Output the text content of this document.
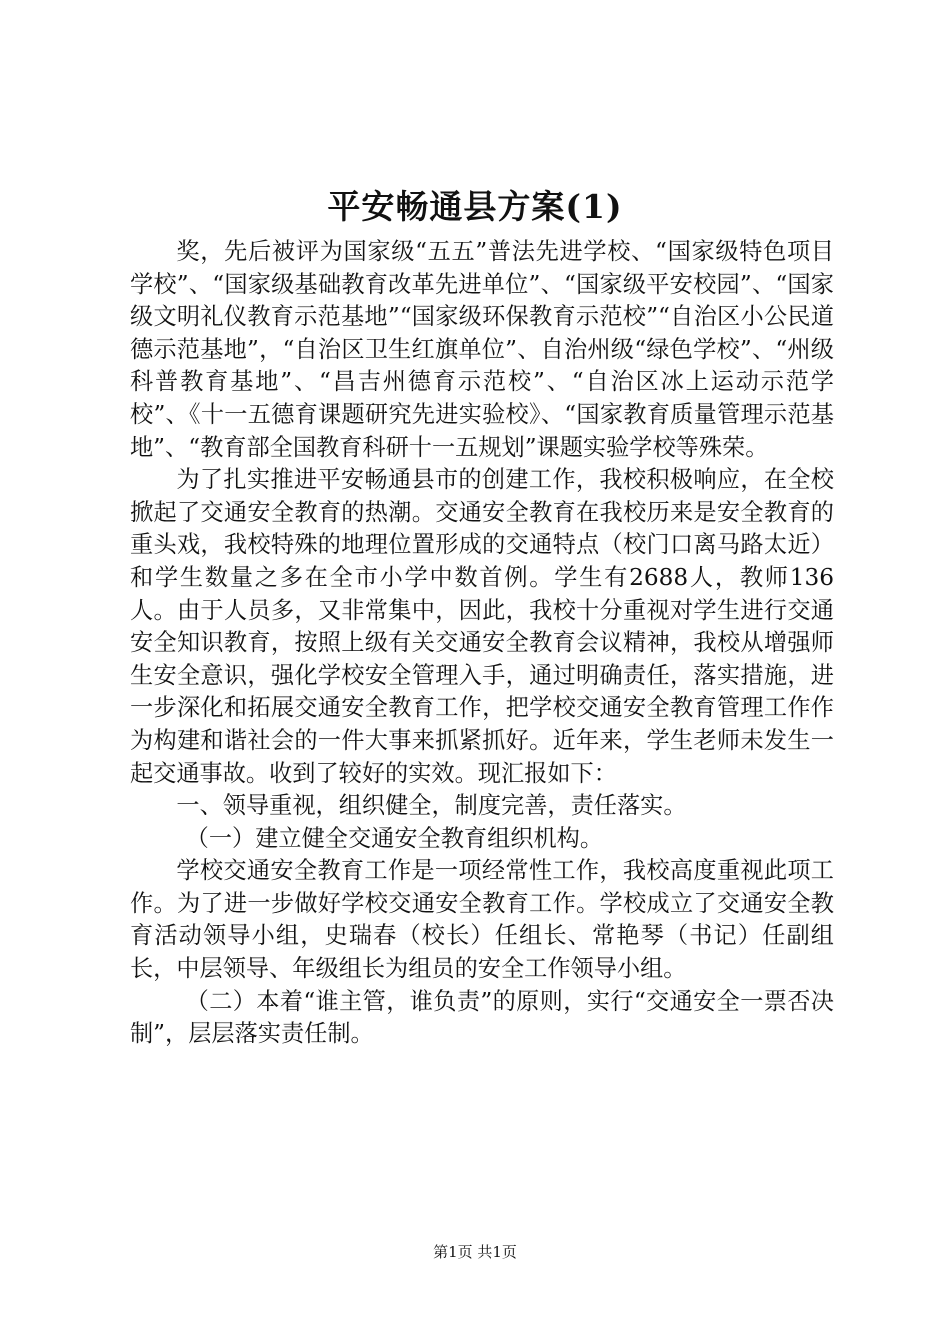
平安畅通县方案(1)

奖，先后被评为国家级“五五”普法先进学校、“国家级特色项目学校”、“国家级基础教育改革先进单位”、“国家级平安校园”、“国家级文明礼仪教育示范基地”“国家级环保教育示范校”“自治区小公民道德示范基地”，“自治区卫生红旗单位”、自治州级“绿色学校”、“州级科普教育基地”、“昌吉州德育示范校”、“自治区冰上运动示范学校”、《十一五德育课题研究先进实验校》、“国家教育质量管理示范基地”、“教育部全国教育科研十一五规划”课题实验学校等殊荣。

为了扎实推进平安畅通县市的创建工作，我校积极响应，在全校掀起了交通安全教育的热潮。交通安全教育在我校历来是安全教育的重头戏，我校特殊的地理位置形成的交通特点（校门口离马路太近）和学生数量之多在全市小学中数首例。学生有2688人，教师136人。由于人员多，又非常集中，因此，我校十分重视对学生进行交通安全知识教育，按照上级有关交通安全教育会议精神，我校从增强师生安全意识，强化学校安全管理入手，通过明确责任，落实措施，进一步深化和拓展交通安全教育工作，把学校交通安全教育管理工作作为构建和谐社会的一件大事来抓紧抓好。近年来，学生老师未发生一起交通事故。收到了较好的实效。现汇报如下：

一、领导重视，组织健全，制度完善，责任落实。

（一）建立健全交通安全教育组织机构。

学校交通安全教育工作是一项经常性工作，我校高度重视此项工作。为了进一步做好学校交通安全教育工作。学校成立了交通安全教育活动领导小组，史瑞春（校长）任组长、常艳琴（书记）任副组长，中层领导、年级组长为组员的安全工作领导小组。

（二）本着“谁主管，谁负责”的原则，实行“交通安全一票否决制”，层层落实责任制。

第1页 共1页
